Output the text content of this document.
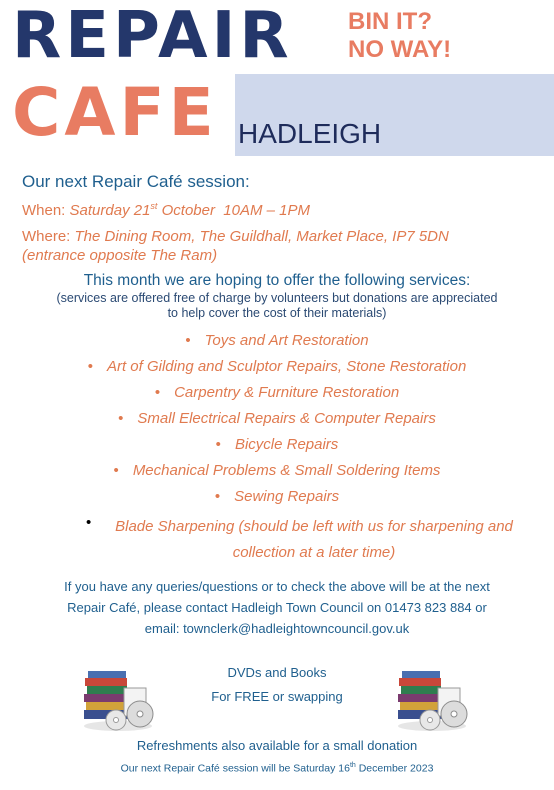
REPAIR
CAFE HADLEIGH
BIN IT?
NO WAY!
Our next Repair Café session:
When: Saturday 21st October  10AM – 1PM
Where: The Dining Room, The Guildhall, Market Place, IP7 5DN
(entrance opposite The Ram)
This month we are hoping to offer the following services:
(services are offered free of charge by volunteers but donations are appreciated
to help cover the cost of their materials)
• Toys and Art Restoration
• Art of Gilding and Sculptor Repairs, Stone Restoration
• Carpentry & Furniture Restoration
• Small Electrical Repairs & Computer Repairs
• Bicycle Repairs
• Mechanical Problems & Small Soldering Items
• Sewing Repairs
•	Blade Sharpening (should be left with us for sharpening and
collection at a later time)
If you have any queries/questions or to check the above will be at the next
Repair Café, please contact Hadleigh Town Council on 01473 823 884 or
email: townclerk@hadleightowncouncil.gov.uk
DVDs and Books
For FREE or swapping
Refreshments also available for a small donation
Our next Repair Café session will be Saturday 16th December 2023
